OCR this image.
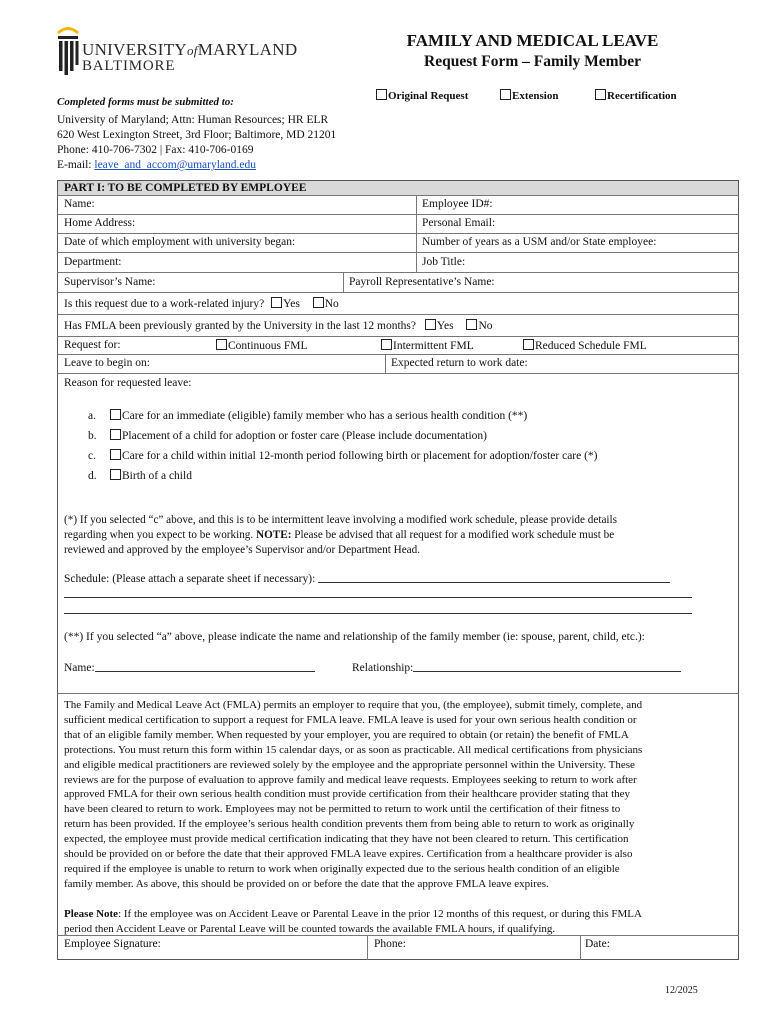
UNIVERSITYofMARYLAND
BALTIMORE
FAMILY AND MEDICAL LEAVE
Request Form – Family Member
Original Request	Extension	Recertification
Completed forms must be submitted to:
University of Maryland; Attn: Human Resources; HR ELR
620 West Lexington Street, 3rd Floor; Baltimore, MD 21201
Phone: 410-706-7302 | Fax: 410-706-0169
E-mail: leave_and_accom@umaryland.edu
PART I: TO BE COMPLETED BY EMPLOYEE
Name:	Employee ID#:
Home Address:	Personal Email:
Date of which employment with university began:	Number of years as a USM and/or State employee:
Department:	Job Title:
Supervisor’s Name:	Payroll Representative’s Name:
Is this request due to a work-related injury? Yes No
Has FMLA been previously granted by the University in the last 12 months? Yes No
Request for:	Continuous FML	Intermittent FML	Reduced Schedule FML
Leave to begin on:	Expected return to work date:
Reason for requested leave:
a. Care for an immediate (eligible) family member who has a serious health condition (**)
b. Placement of a child for adoption or foster care (Please include documentation)
c. Care for a child within initial 12-month period following birth or placement for adoption/foster care (*)
d. Birth of a child
(*) If you selected “c” above, and this is to be intermittent leave involving a modified work schedule, please provide details
regarding when you expect to be working. NOTE: Please be advised that all request for a modified work schedule must be
reviewed and approved by the employee’s Supervisor and/or Department Head.
Schedule: (Please attach a separate sheet if necessary):
(**) If you selected “a” above, please indicate the name and relationship of the family member (ie: spouse, parent, child, etc.):
Name:	Relationship:
The Family and Medical Leave Act (FMLA) permits an employer to require that you, (the employee), submit timely, complete, and
sufficient medical certification to support a request for FMLA leave. FMLA leave is used for your own serious health condition or
that of an eligible family member. When requested by your employer, you are required to obtain (or retain) the benefit of FMLA
protections. You must return this form within 15 calendar days, or as soon as practicable. All medical certifications from physicians
and eligible medical practitioners are reviewed solely by the employee and the appropriate personnel within the University. These
reviews are for the purpose of evaluation to approve family and medical leave requests. Employees seeking to return to work after
approved FMLA for their own serious health condition must provide certification from their healthcare provider stating that they
have been cleared to return to work. Employees may not be permitted to return to work until the certification of their fitness to
return has been provided. If the employee’s serious health condition prevents them from being able to return to work as originally
expected, the employee must provide medical certification indicating that they have not been cleared to return. This certification
should be provided on or before the date that their approved FMLA leave expires. Certification from a healthcare provider is also
required if the employee is unable to return to work when originally expected due to the serious health condition of an eligible
family member. As above, this should be provided on or before the date that the approve FMLA leave expires.
Please Note: If the employee was on Accident Leave or Parental Leave in the prior 12 months of this request, or during this FMLA
period then Accident Leave or Parental Leave will be counted towards the available FMLA hours, if qualifying.
Employee Signature:	Phone:	Date:
12/2025
